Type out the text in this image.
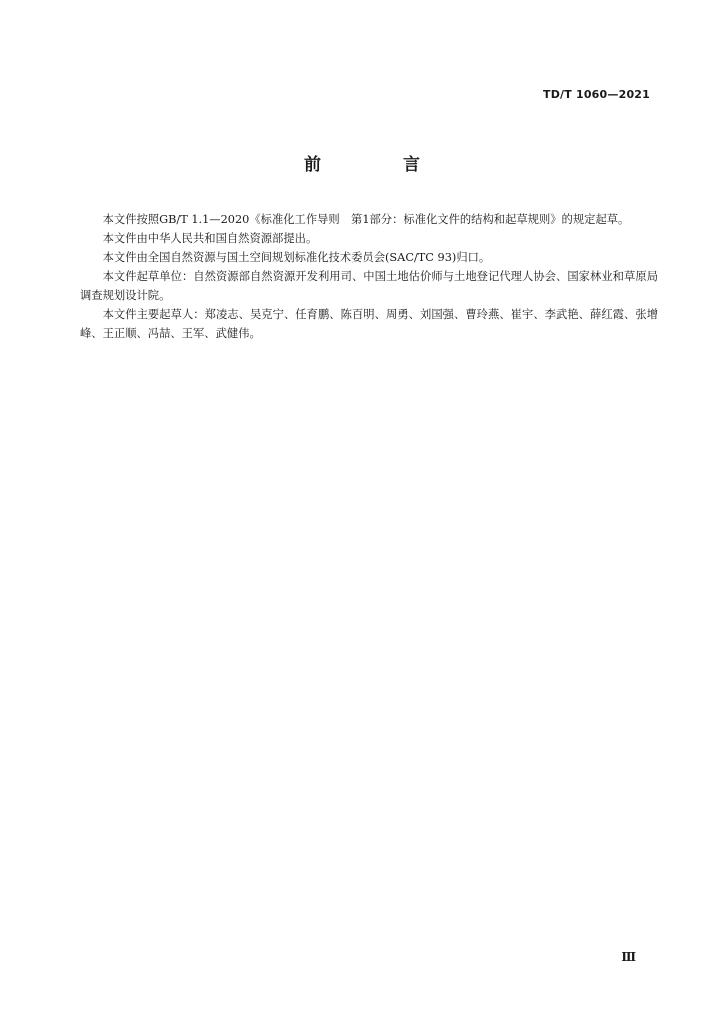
TD/T 1060—2021
前 言

本文件按照GB/T 1.1—2020《标准化工作导则　第1部分：标准化文件的结构和起草规则》的规定起草。

本文件由中华人民共和国自然资源部提出。

本文件由全国自然资源与国土空间规划标准化技术委员会(SAC/TC 93)归口。

本文件起草单位：自然资源部自然资源开发利用司、中国土地估价师与土地登记代理人协会、国家林业和草原局调查规划设计院。

本文件主要起草人：郑凌志、吴克宁、任育鹏、陈百明、周勇、刘国强、曹玲燕、崔宇、李武艳、薛红霞、张增峰、王正顺、冯喆、王军、武健伟。

Ⅲ
